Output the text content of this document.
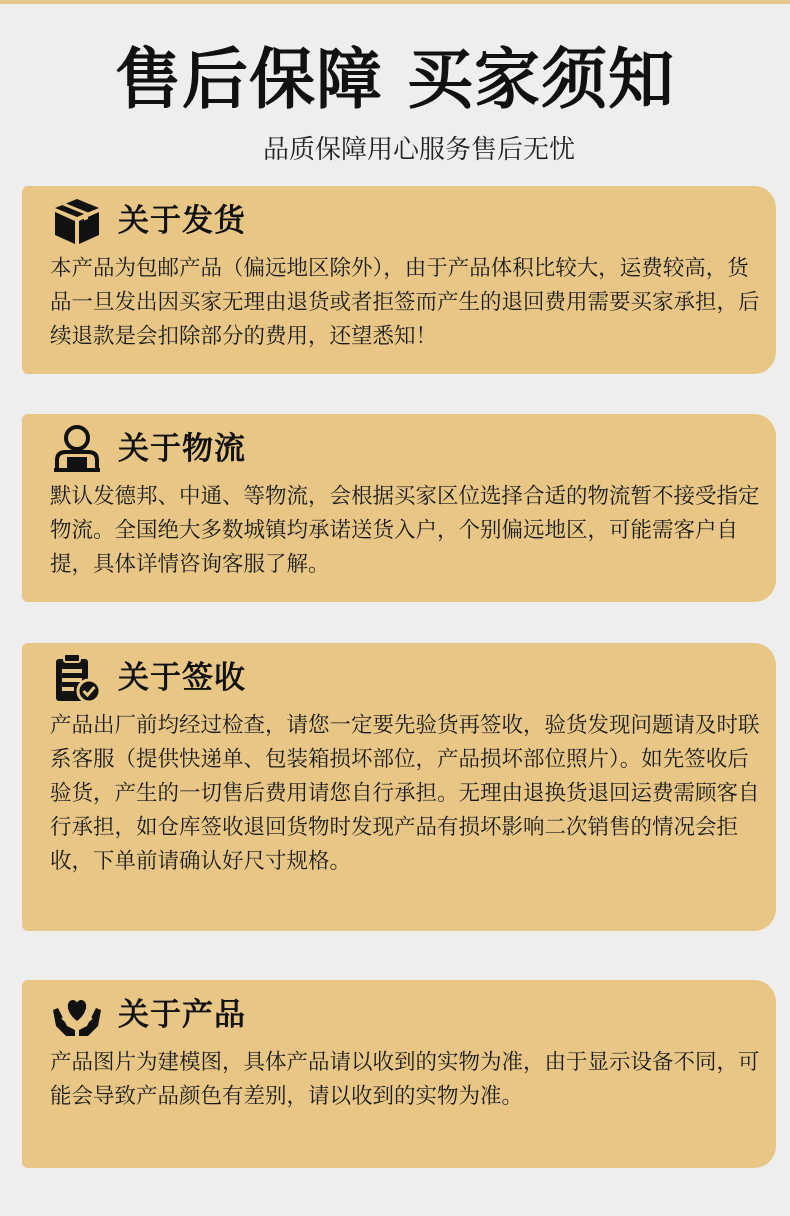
售后保障 买家须知
品质保障用心服务售后无忧
关于发货
本产品为包邮产品（偏远地区除外），由于产品体积比较大，运费较高，货品一旦发出因买家无理由退货或者拒签而产生的退回费用需要买家承担，后续退款是会扣除部分的费用，还望悉知！
关于物流
默认发德邦、中通、等物流，会根据买家区位选择合适的物流暂不接受指定物流。全国绝大多数城镇均承诺送货入户，个别偏远地区，可能需客户自提，具体详情咨询客服了解。
关于签收
产品出厂前均经过检查，请您一定要先验货再签收，验货发现问题请及时联系客服（提供快递单、包装箱损坏部位，产品损坏部位照片）。如先签收后验货，产生的一切售后费用请您自行承担。无理由退换货退回运费需顾客自行承担，如仓库签收退回货物时发现产品有损坏影响二次销售的情况会拒收，下单前请确认好尺寸规格。
关于产品
产品图片为建模图，具体产品请以收到的实物为准，由于显示设备不同，可能会导致产品颜色有差别，请以收到的实物为准。
